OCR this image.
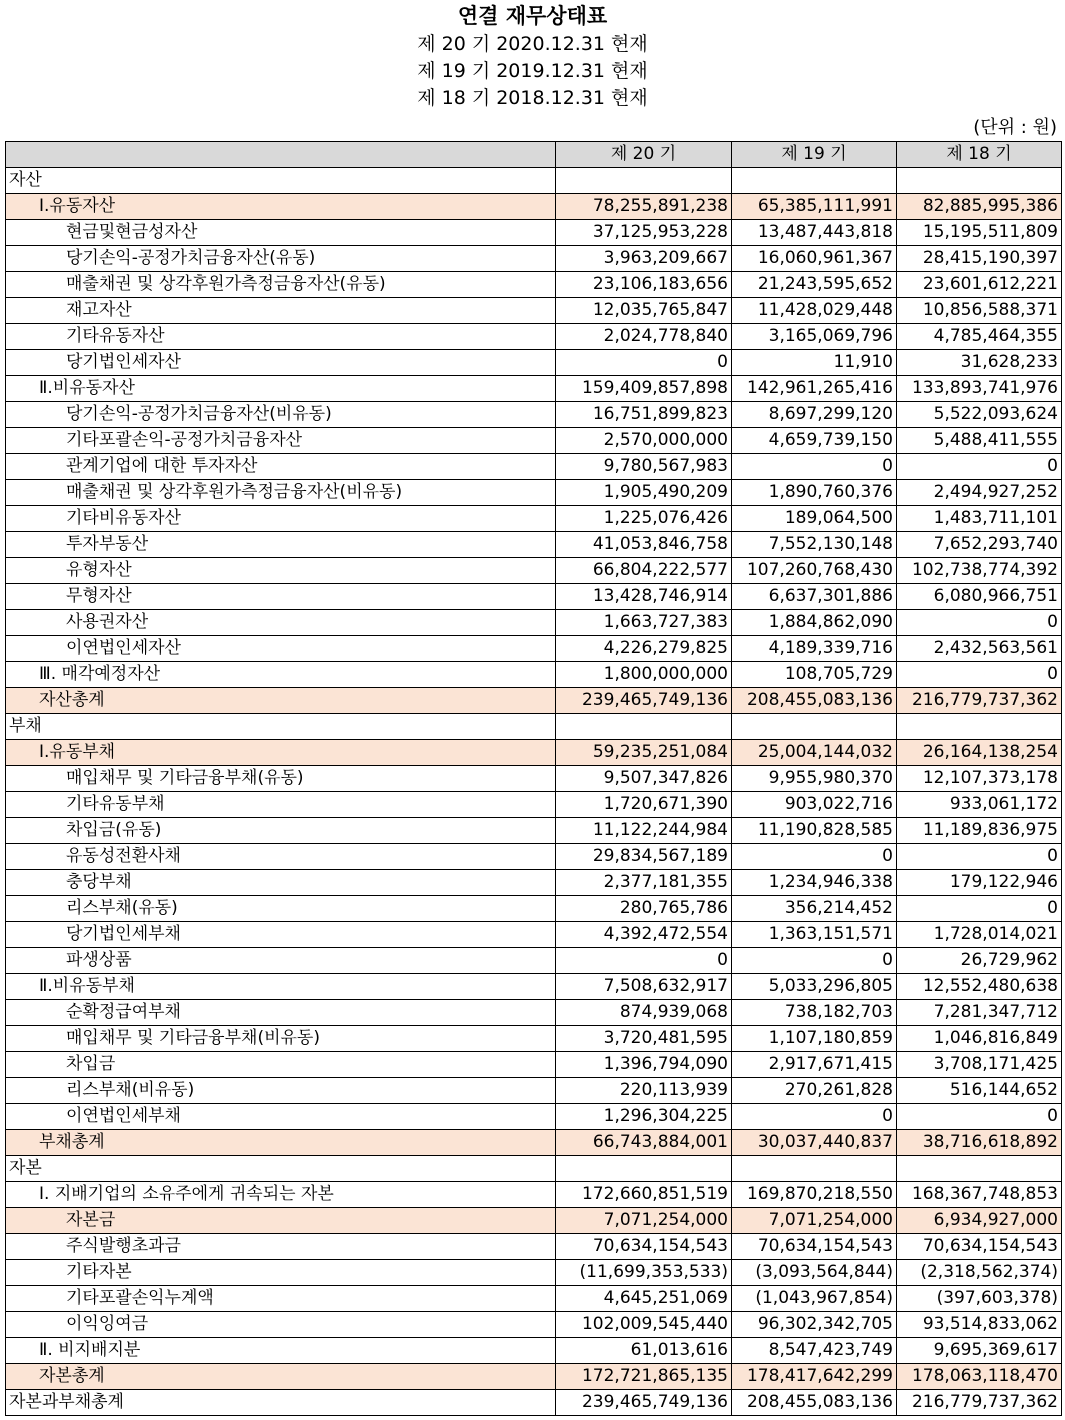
연결 재무상태표
제 20 기 2020.12.31 현재
제 19 기 2019.12.31 현재
제 18 기 2018.12.31 현재
(단위 : 원)
	제 20 기	제 19 기	제 18 기
자산			
Ⅰ.유동자산	78,255,891,238	65,385,111,991	82,885,995,386
현금및현금성자산	37,125,953,228	13,487,443,818	15,195,511,809
당기손익-공정가치금융자산(유동)	3,963,209,667	16,060,961,367	28,415,190,397
매출채권 및 상각후원가측정금융자산(유동)	23,106,183,656	21,243,595,652	23,601,612,221
재고자산	12,035,765,847	11,428,029,448	10,856,588,371
기타유동자산	2,024,778,840	3,165,069,796	4,785,464,355
당기법인세자산	0	11,910	31,628,233
Ⅱ.비유동자산	159,409,857,898	142,961,265,416	133,893,741,976
당기손익-공정가치금융자산(비유동)	16,751,899,823	8,697,299,120	5,522,093,624
기타포괄손익-공정가치금융자산	2,570,000,000	4,659,739,150	5,488,411,555
관계기업에 대한 투자자산	9,780,567,983	0	0
매출채권 및 상각후원가측정금융자산(비유동)	1,905,490,209	1,890,760,376	2,494,927,252
기타비유동자산	1,225,076,426	189,064,500	1,483,711,101
투자부동산	41,053,846,758	7,552,130,148	7,652,293,740
유형자산	66,804,222,577	107,260,768,430	102,738,774,392
무형자산	13,428,746,914	6,637,301,886	6,080,966,751
사용권자산	1,663,727,383	1,884,862,090	0
이연법인세자산	4,226,279,825	4,189,339,716	2,432,563,561
Ⅲ. 매각예정자산	1,800,000,000	108,705,729	0
자산총계	239,465,749,136	208,455,083,136	216,779,737,362
부채			
Ⅰ.유동부채	59,235,251,084	25,004,144,032	26,164,138,254
매입채무 및 기타금융부채(유동)	9,507,347,826	9,955,980,370	12,107,373,178
기타유동부채	1,720,671,390	903,022,716	933,061,172
차입금(유동)	11,122,244,984	11,190,828,585	11,189,836,975
유동성전환사채	29,834,567,189	0	0
충당부채	2,377,181,355	1,234,946,338	179,122,946
리스부채(유동)	280,765,786	356,214,452	0
당기법인세부채	4,392,472,554	1,363,151,571	1,728,014,021
파생상품	0	0	26,729,962
Ⅱ.비유동부채	7,508,632,917	5,033,296,805	12,552,480,638
순확정급여부채	874,939,068	738,182,703	7,281,347,712
매입채무 및 기타금융부채(비유동)	3,720,481,595	1,107,180,859	1,046,816,849
차입금	1,396,794,090	2,917,671,415	3,708,171,425
리스부채(비유동)	220,113,939	270,261,828	516,144,652
이연법인세부채	1,296,304,225	0	0
부채총계	66,743,884,001	30,037,440,837	38,716,618,892
자본			
Ⅰ. 지배기업의 소유주에게 귀속되는 자본	172,660,851,519	169,870,218,550	168,367,748,853
자본금	7,071,254,000	7,071,254,000	6,934,927,000
주식발행초과금	70,634,154,543	70,634,154,543	70,634,154,543
기타자본	(11,699,353,533)	(3,093,564,844)	(2,318,562,374)
기타포괄손익누계액	4,645,251,069	(1,043,967,854)	(397,603,378)
이익잉여금	102,009,545,440	96,302,342,705	93,514,833,062
Ⅱ. 비지배지분	61,013,616	8,547,423,749	9,695,369,617
자본총계	172,721,865,135	178,417,642,299	178,063,118,470
자본과부채총계	239,465,749,136	208,455,083,136	216,779,737,362
